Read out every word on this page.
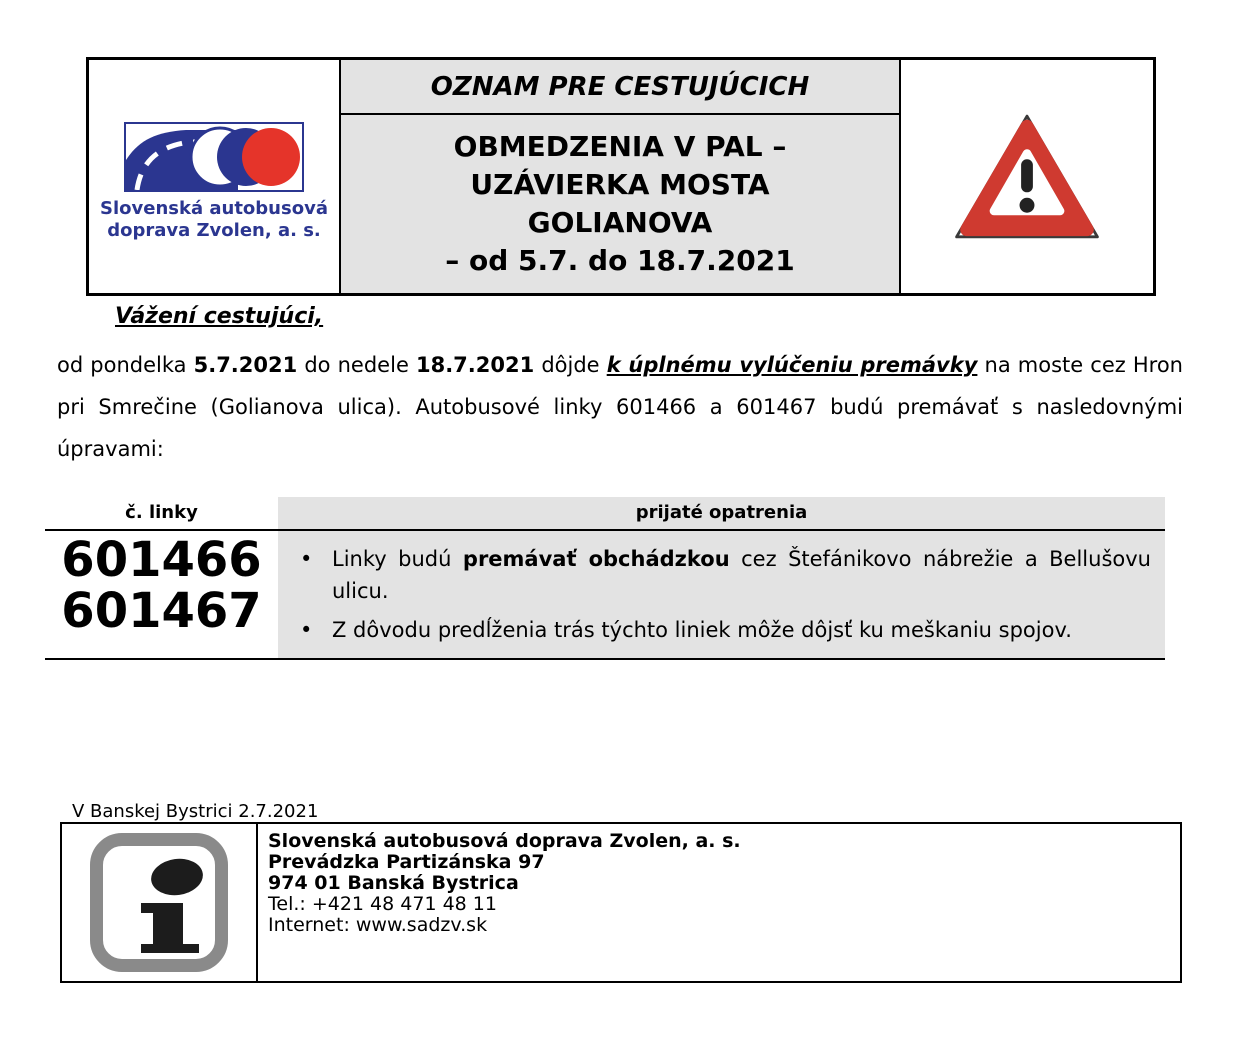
Slovenská autobusová
doprava Zvolen, a. s.
OZNAM PRE CESTUJÚCICH
OBMEDZENIA V PAL –
UZÁVIERKA MOSTA
GOLIANOVA
– od 5.7. do 18.7.2021
Vážení cestujúci,
od pondelka 5.7.2021 do nedele 18.7.2021 dôjde k úplnému vylúčeniu premávky na moste cez Hron pri Smrečine (Golianova ulica). Autobusové linky 601466 a 601467 budú premávať s nasledovnými úpravami:
č. linky	prijaté opatrenia
601466
601467
• Linky budú premávať obchádzkou cez Štefánikovo nábrežie a Bellušovu ulicu.
• Z dôvodu predĺženia trás týchto liniek môže dôjsť ku meškaniu spojov.
V Banskej Bystrici 2.7.2021
Slovenská autobusová doprava Zvolen, a. s.
Prevádzka Partizánska 97
974 01 Banská Bystrica
Tel.: +421 48 471 48 11
Internet: www.sadzv.sk
